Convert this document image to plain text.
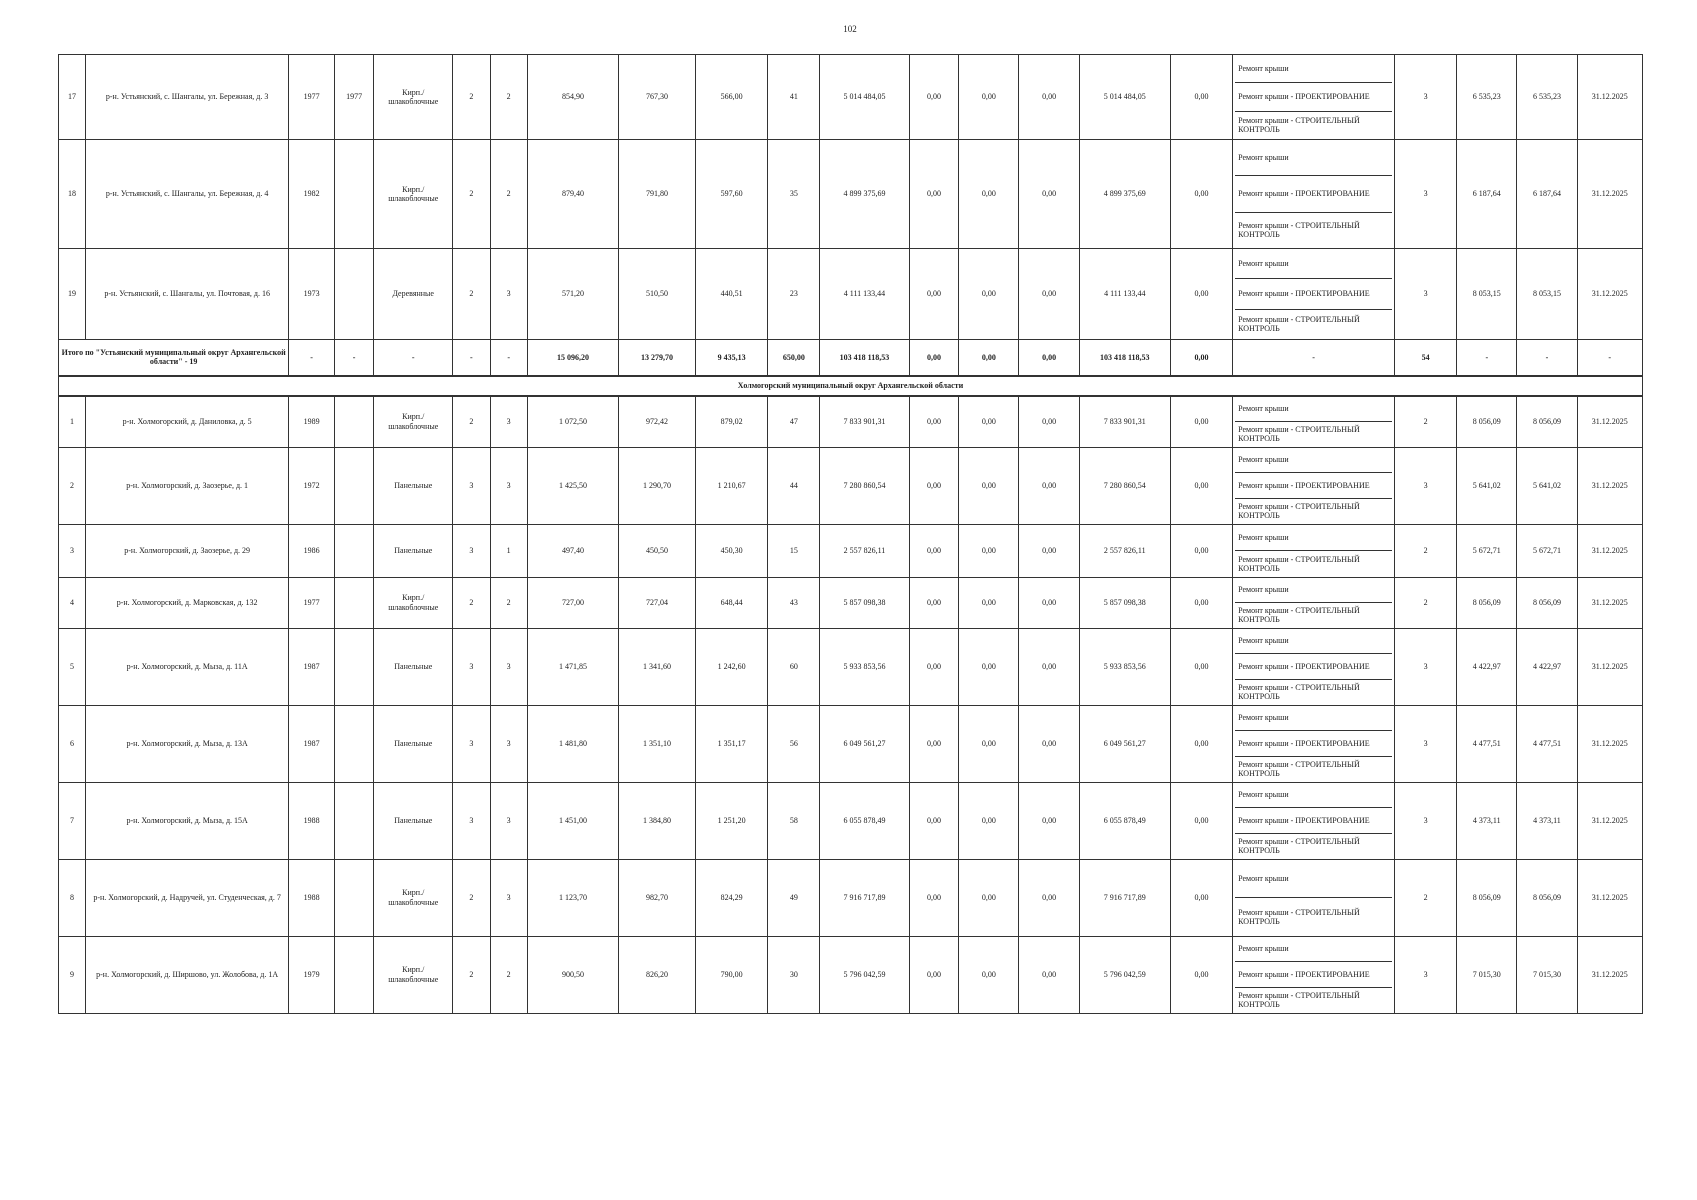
102
17	р-н. Устьянский, с. Шангалы, ул. Бережная, д. 3	1977	1977	Кирп./ шлакоблочные	2	2	854,90	767,30	566,00	41	5 014 484,05	0,00	0,00	0,00	5 014 484,05	0,00	Ремонт крыши
Ремонт крыши - ПРОЕКТИРОВАНИЕ
Ремонт крыши - СТРОИТЕЛЬНЫЙ КОНТРОЛЬ	3	6 535,23	6 535,23	31.12.2025
18	р-н. Устьянский, с. Шангалы, ул. Бережная, д. 4	1982		Кирп./ шлакоблочные	2	2	879,40	791,80	597,60	35	4 899 375,69	0,00	0,00	0,00	4 899 375,69	0,00	Ремонт крыши
Ремонт крыши - ПРОЕКТИРОВАНИЕ
Ремонт крыши - СТРОИТЕЛЬНЫЙ КОНТРОЛЬ	3	6 187,64	6 187,64	31.12.2025
19	р-н. Устьянский, с. Шангалы, ул. Почтовая, д. 16	1973		Деревянные	2	3	571,20	510,50	440,51	23	4 111 133,44	0,00	0,00	0,00	4 111 133,44	0,00	Ремонт крыши
Ремонт крыши - ПРОЕКТИРОВАНИЕ
Ремонт крыши - СТРОИТЕЛЬНЫЙ КОНТРОЛЬ	3	8 053,15	8 053,15	31.12.2025
Итого по "Устьянский муниципальный округ Архангельской области" - 19		-	-	-	-	-	15 096,20	13 279,70	9 435,13	650,00	103 418 118,53	0,00	0,00	0,00	103 418 118,53	0,00	-	54	-	-	-
Холмогорский муниципальный округ Архангельской области																					
1	р-н. Холмогорский, д. Даниловка, д. 5	1989		Кирп./ шлакоблочные	2	3	1 072,50	972,42	879,02	47	7 833 901,31	0,00	0,00	0,00	7 833 901,31	0,00	Ремонт крыши
Ремонт крыши - СТРОИТЕЛЬНЫЙ КОНТРОЛЬ	2	8 056,09	8 056,09	31.12.2025
2	р-н. Холмогорский, д. Заозерье, д. 1	1972		Панельные	3	3	1 425,50	1 290,70	1 210,67	44	7 280 860,54	0,00	0,00	0,00	7 280 860,54	0,00	Ремонт крыши
Ремонт крыши - ПРОЕКТИРОВАНИЕ
Ремонт крыши - СТРОИТЕЛЬНЫЙ КОНТРОЛЬ	3	5 641,02	5 641,02	31.12.2025
3	р-н. Холмогорский, д. Заозерье, д. 29	1986		Панельные	3	1	497,40	450,50	450,30	15	2 557 826,11	0,00	0,00	0,00	2 557 826,11	0,00	Ремонт крыши
Ремонт крыши - СТРОИТЕЛЬНЫЙ КОНТРОЛЬ	2	5 672,71	5 672,71	31.12.2025
4	р-н. Холмогорский, д. Марковская, д. 132	1977		Кирп./ шлакоблочные	2	2	727,00	727,04	648,44	43	5 857 098,38	0,00	0,00	0,00	5 857 098,38	0,00	Ремонт крыши
Ремонт крыши - СТРОИТЕЛЬНЫЙ КОНТРОЛЬ	2	8 056,09	8 056,09	31.12.2025
5	р-н. Холмогорский, д. Мыза, д. 11А	1987		Панельные	3	3	1 471,85	1 341,60	1 242,60	60	5 933 853,56	0,00	0,00	0,00	5 933 853,56	0,00	Ремонт крыши
Ремонт крыши - ПРОЕКТИРОВАНИЕ
Ремонт крыши - СТРОИТЕЛЬНЫЙ КОНТРОЛЬ	3	4 422,97	4 422,97	31.12.2025
6	р-н. Холмогорский, д. Мыза, д. 13А	1987		Панельные	3	3	1 481,80	1 351,10	1 351,17	56	6 049 561,27	0,00	0,00	0,00	6 049 561,27	0,00	Ремонт крыши
Ремонт крыши - ПРОЕКТИРОВАНИЕ
Ремонт крыши - СТРОИТЕЛЬНЫЙ КОНТРОЛЬ	3	4 477,51	4 477,51	31.12.2025
7	р-н. Холмогорский, д. Мыза, д. 15А	1988		Панельные	3	3	1 451,00	1 384,80	1 251,20	58	6 055 878,49	0,00	0,00	0,00	6 055 878,49	0,00	Ремонт крыши
Ремонт крыши - ПРОЕКТИРОВАНИЕ
Ремонт крыши - СТРОИТЕЛЬНЫЙ КОНТРОЛЬ	3	4 373,11	4 373,11	31.12.2025
8	р-н. Холмогорский, д. Надручей, ул. Студенческая, д. 7	1988		Кирп./ шлакоблочные	2	3	1 123,70	982,70	824,29	49	7 916 717,89	0,00	0,00	0,00	7 916 717,89	0,00	Ремонт крыши
Ремонт крыши - СТРОИТЕЛЬНЫЙ КОНТРОЛЬ	2	8 056,09	8 056,09	31.12.2025
9	р-н. Холмогорский, д. Ширшово, ул. Жолобова, д. 1А	1979		Кирп./ шлакоблочные	2	2	900,50	826,20	790,00	30	5 796 042,59	0,00	0,00	0,00	5 796 042,59	0,00	Ремонт крыши
Ремонт крыши - ПРОЕКТИРОВАНИЕ
Ремонт крыши - СТРОИТЕЛЬНЫЙ КОНТРОЛЬ	3	7 015,30	7 015,30	31.12.2025
